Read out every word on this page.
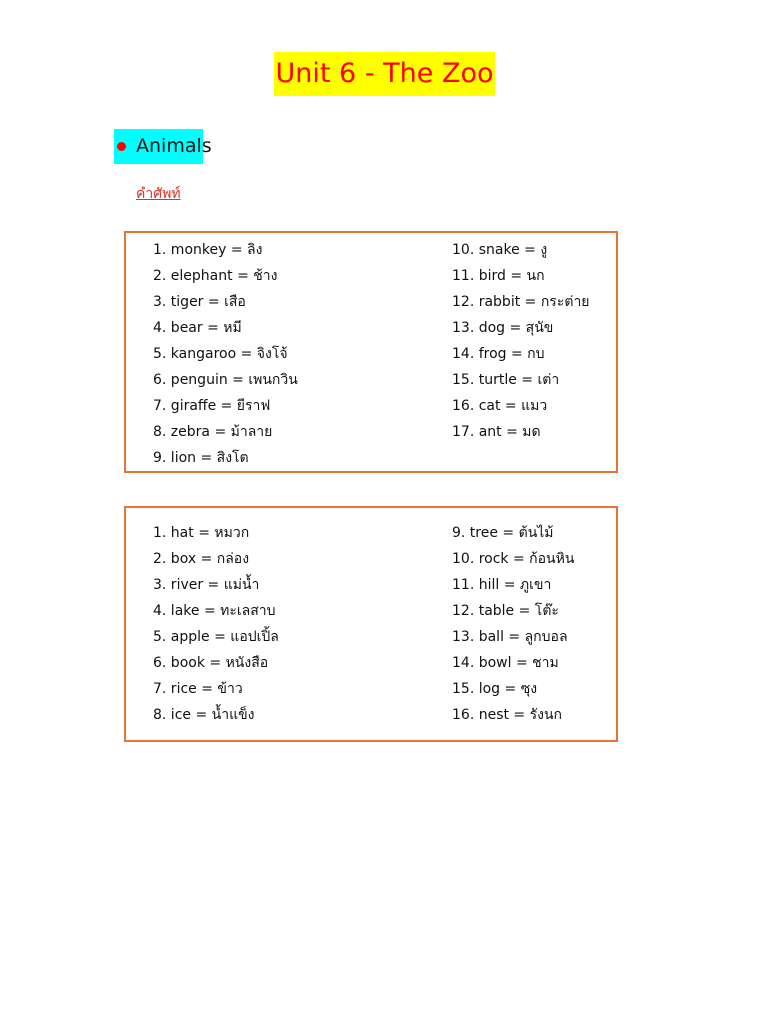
Unit 6 - The Zoo
Animals
คำศัพท์
1. monkey = ลิง
2. elephant = ช้าง
3. tiger = เสือ
4. bear = หมี
5. kangaroo = จิงโจ้
6. penguin = เพนกวิน
7. giraffe = ยีราฟ
8. zebra = ม้าลาย
9. lion = สิงโต
10. snake = งู
11. bird = นก
12. rabbit = กระต่าย
13. dog = สุนัข
14. frog = กบ
15. turtle = เต่า
16. cat = แมว
17. ant = มด
1. hat = หมวก
2. box = กล่อง
3. river = แม่น้ำ
4. lake = ทะเลสาบ
5. apple = แอปเปิ้ล
6. book = หนังสือ
7. rice = ข้าว
8. ice = น้ำแข็ง
9. tree = ต้นไม้
10. rock = ก้อนหิน
11. hill = ภูเขา
12. table = โต๊ะ
13. ball = ลูกบอล
14. bowl = ชาม
15. log = ซุง
16. nest = รังนก
